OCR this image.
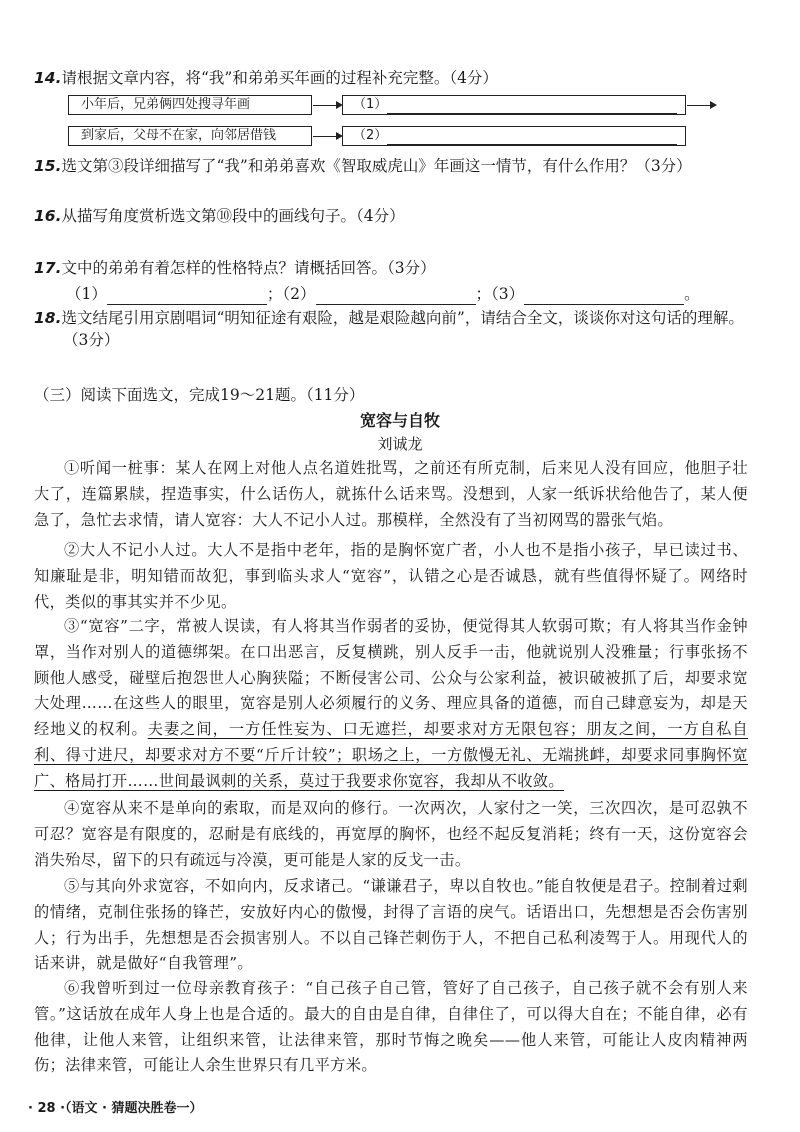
14.请根据文章内容，将“我”和弟弟买年画的过程补充完整。（4分）

小年后，兄弟俩四处搜寻年画	（1）
到家后，父母不在家，向邻居借钱	（2）

15.选文第③段详细描写了“我”和弟弟喜欢《智取威虎山》年画这一情节，有什么作用？（3分）

16.从描写角度赏析选文第⑩段中的画线句子。（4分）

17.文中的弟弟有着怎样的性格特点？请概括回答。（3分）

（1）	；（2）	；（3）	。

18.选文结尾引用京剧唱词“明知征途有艰险，越是艰险越向前”，请结合全文，谈谈你对这句话的理解。（3分）

（三）阅读下面选文，完成19～21题。（11分）

宽容与自牧

刘诚龙

①听闻一桩事：某人在网上对他人点名道姓批骂，之前还有所克制，后来见人没有回应，他胆子壮大了，连篇累牍，捏造事实，什么话伤人，就拣什么话来骂。没想到，人家一纸诉状给他告了，某人便急了，急忙去求情，请人宽容：大人不记小人过。那模样，全然没有了当初网骂的嚣张气焰。

②大人不记小人过。大人不是指中老年，指的是胸怀宽广者，小人也不是指小孩子，早已读过书、知廉耻是非，明知错而故犯，事到临头求人“宽容”，认错之心是否诚恳，就有些值得怀疑了。网络时代，类似的事其实并不少见。

③“宽容”二字，常被人误读，有人将其当作弱者的妥协，便觉得其人软弱可欺；有人将其当作金钟罩，当作对别人的道德绑架。在口出恶言，反复横跳，别人反手一击，他就说别人没雅量；行事张扬不顾他人感受，碰壁后抱怨世人心胸狭隘；不断侵害公司、公众与公家利益，被识破被抓了后，却要求宽大处理……在这些人的眼里，宽容是别人必须履行的义务、理应具备的道德，而自己肆意妄为，却是天经地义的权利。夫妻之间，一方任性妄为、口无遮拦，却要求对方无限包容；朋友之间，一方自私自利、得寸进尺，却要求对方不要“斤斤计较”；职场之上，一方傲慢无礼、无端挑衅，却要求同事胸怀宽广、格局打开……世间最讽刺的关系，莫过于我要求你宽容，我却从不收敛。

④宽容从来不是单向的索取，而是双向的修行。一次两次，人家付之一笑，三次四次，是可忍孰不可忍？宽容是有限度的，忍耐是有底线的，再宽厚的胸怀，也经不起反复消耗；终有一天，这份宽容会消失殆尽，留下的只有疏远与冷漠，更可能是人家的反戈一击。

⑤与其向外求宽容，不如向内，反求诸己。“谦谦君子，卑以自牧也。”能自牧便是君子。控制着过剩的情绪，克制住张扬的锋芒，安放好内心的傲慢，封得了言语的戾气。话语出口，先想想是否会伤害别人；行为出手，先想想是否会损害别人。不以自己锋芒刺伤于人，不把自己私利凌驾于人。用现代人的话来讲，就是做好“自我管理”。

⑥我曾听到过一位母亲教育孩子：“自己孩子自己管，管好了自己孩子，自己孩子就不会有别人来管。”这话放在成年人身上也是合适的。最大的自由是自律，自律住了，可以得大自在；不能自律，必有他律，让他人来管，让组织来管，让法律来管，那时节悔之晚矣——他人来管，可能让人皮肉精神两伤；法律来管，可能让人余生世界只有几平方米。

· 28 ·（语文 · 猜题决胜卷一）
